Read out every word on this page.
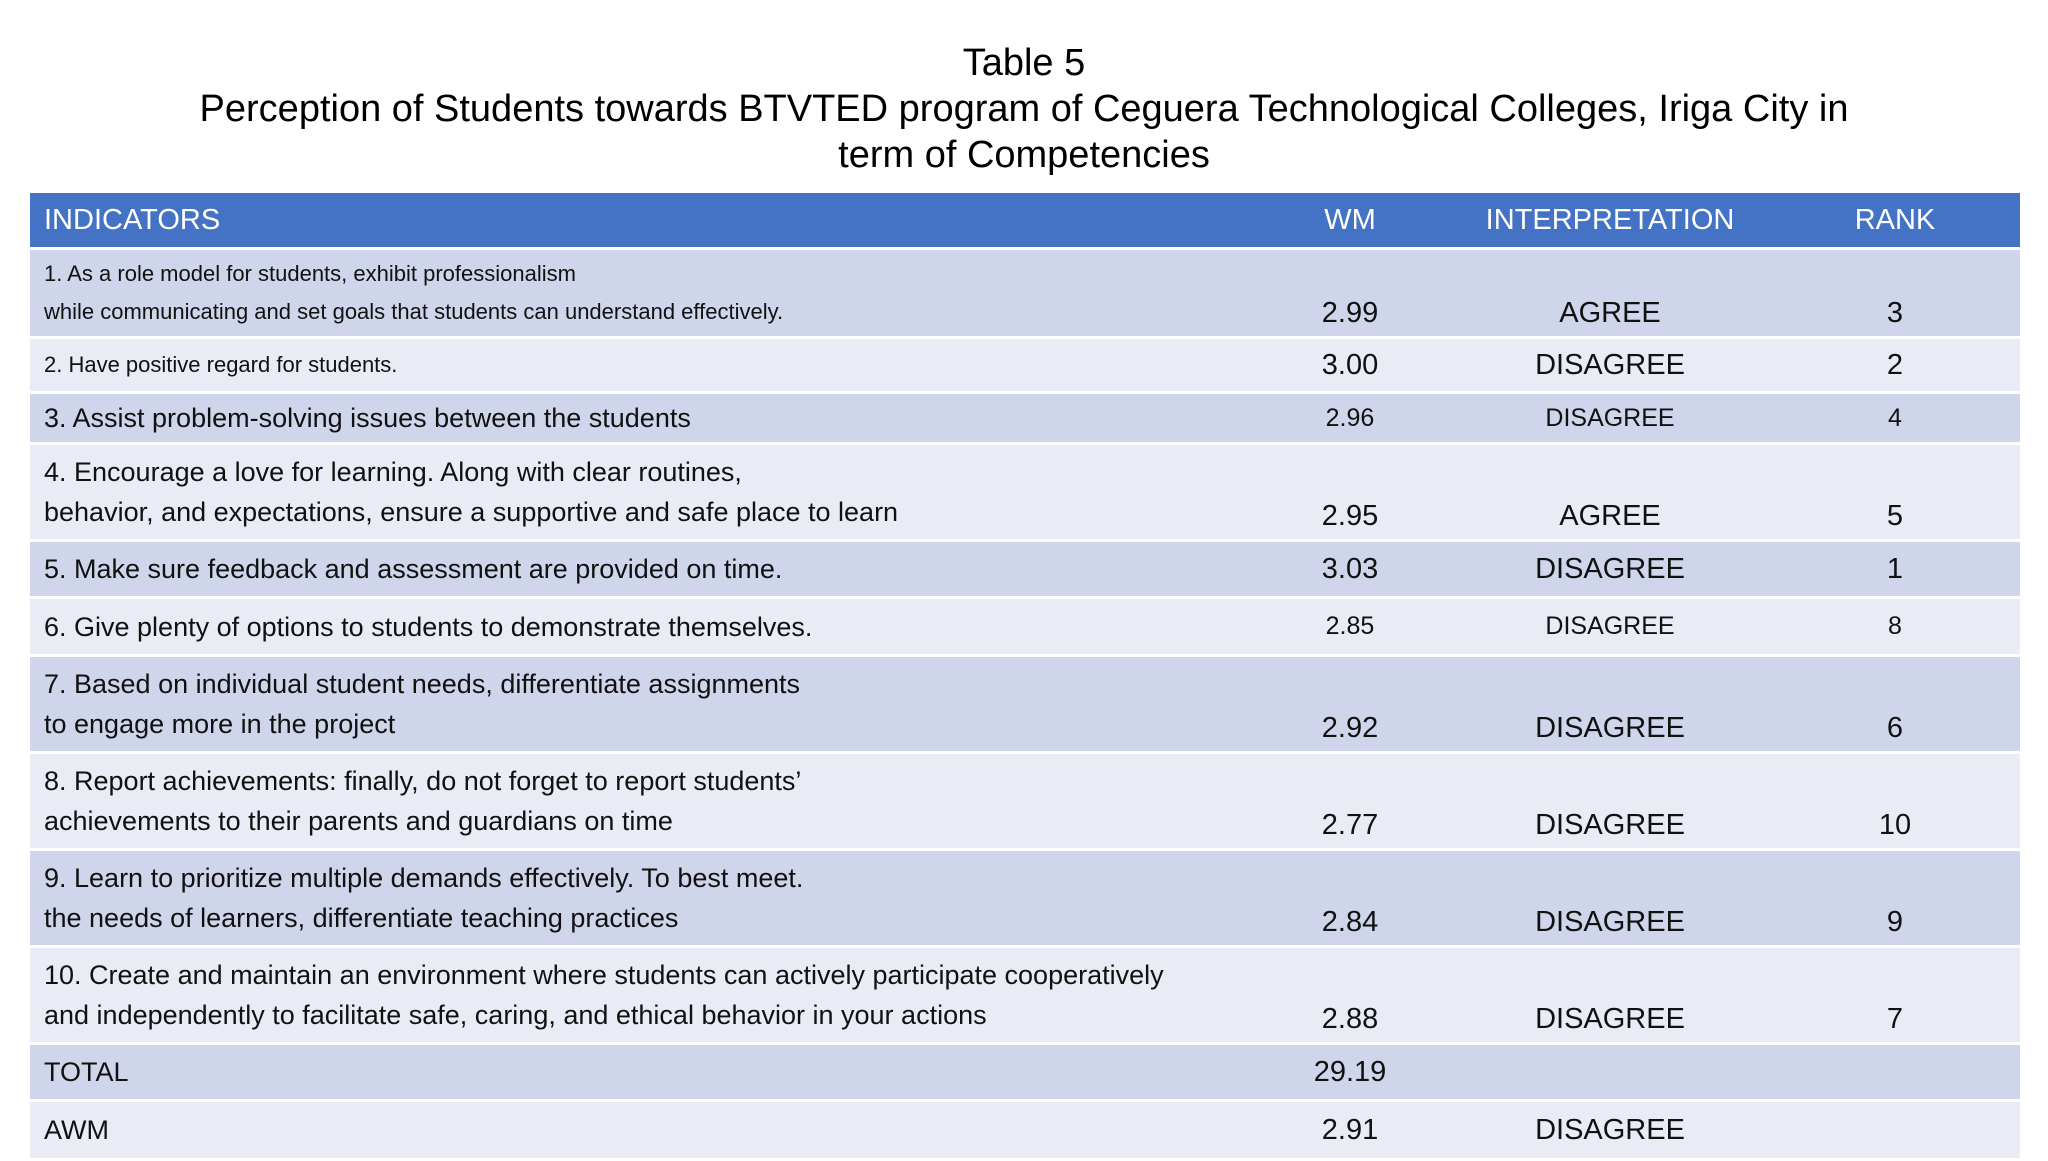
Table 5
Perception of Students towards BTVTED program of Ceguera Technological Colleges, Iriga City in term of Competencies
INDICATORS	WM	INTERPRETATION	RANK

1. As a role model for students, exhibit professionalism
while communicating and set goals that students can understand effectively.	2.99	AGREE	3

2. Have positive regard for students.	3.00	DISAGREE	2

3. Assist problem-solving issues between the students	2.96	DISAGREE	4

4. Encourage a love for learning. Along with clear routines,
behavior, and expectations, ensure a supportive and safe place to learn	2.95	AGREE	5

5. Make sure feedback and assessment are provided on time.	3.03	DISAGREE	1

6. Give plenty of options to students to demonstrate themselves.	2.85	DISAGREE	8

7. Based on individual student needs, differentiate assignments
to engage more in the project	2.92	DISAGREE	6

8. Report achievements: finally, do not forget to report students’
achievements to their parents and guardians on time	2.77	DISAGREE	10

9. Learn to prioritize multiple demands effectively. To best meet.
the needs of learners, differentiate teaching practices	2.84	DISAGREE	9

10. Create and maintain an environment where students can actively participate cooperatively
and independently to facilitate safe, caring, and ethical behavior in your actions	2.88	DISAGREE	7
TOTAL	29.19		
AWM	2.91	DISAGREE	
